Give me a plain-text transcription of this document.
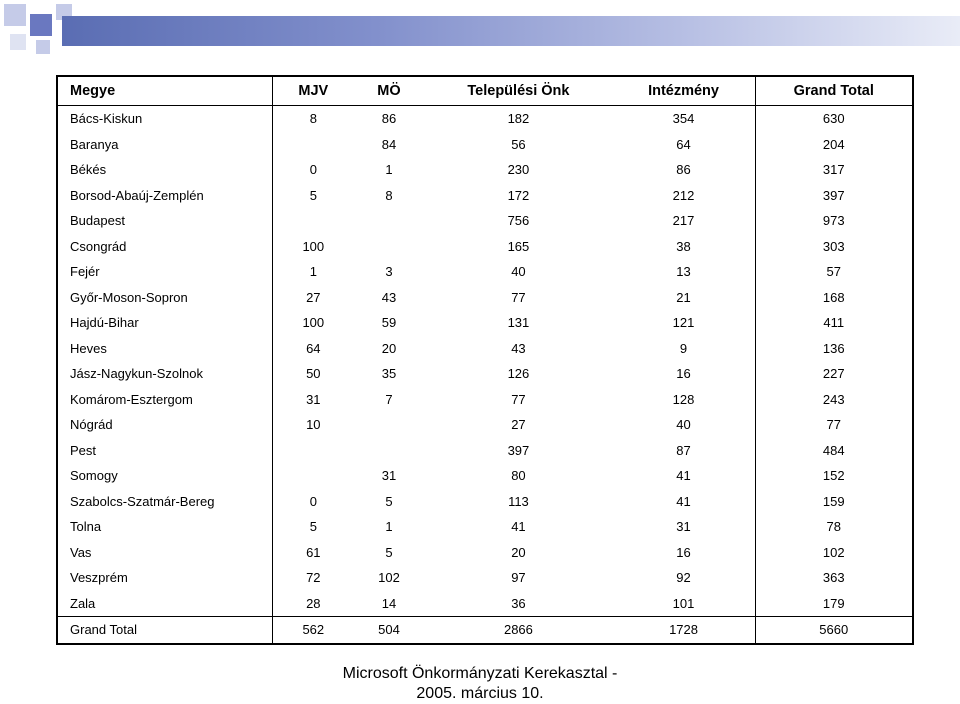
Megye	MJV	MÖ	Települési Önk	Intézmény	Grand Total
Bács-Kiskun	8	86	182	354	630
Baranya		84	56	64	204
Békés	0	1	230	86	317
Borsod-Abaúj-Zemplén	5	8	172	212	397
Budapest			756	217	973
Csongrád	100		165	38	303
Fejér	1	3	40	13	57
Győr-Moson-Sopron	27	43	77	21	168
Hajdú-Bihar	100	59	131	121	411
Heves	64	20	43	9	136
Jász-Nagykun-Szolnok	50	35	126	16	227
Komárom-Esztergom	31	7	77	128	243
Nógrád	10		27	40	77
Pest			397	87	484
Somogy		31	80	41	152
Szabolcs-Szatmár-Bereg	0	5	113	41	159
Tolna	5	1	41	31	78
Vas	61	5	20	16	102
Veszprém	72	102	97	92	363
Zala	28	14	36	101	179
Grand Total	562	504	2866	1728	5660
Microsoft Önkormányzati Kerekasztal -
2005. március 10.
